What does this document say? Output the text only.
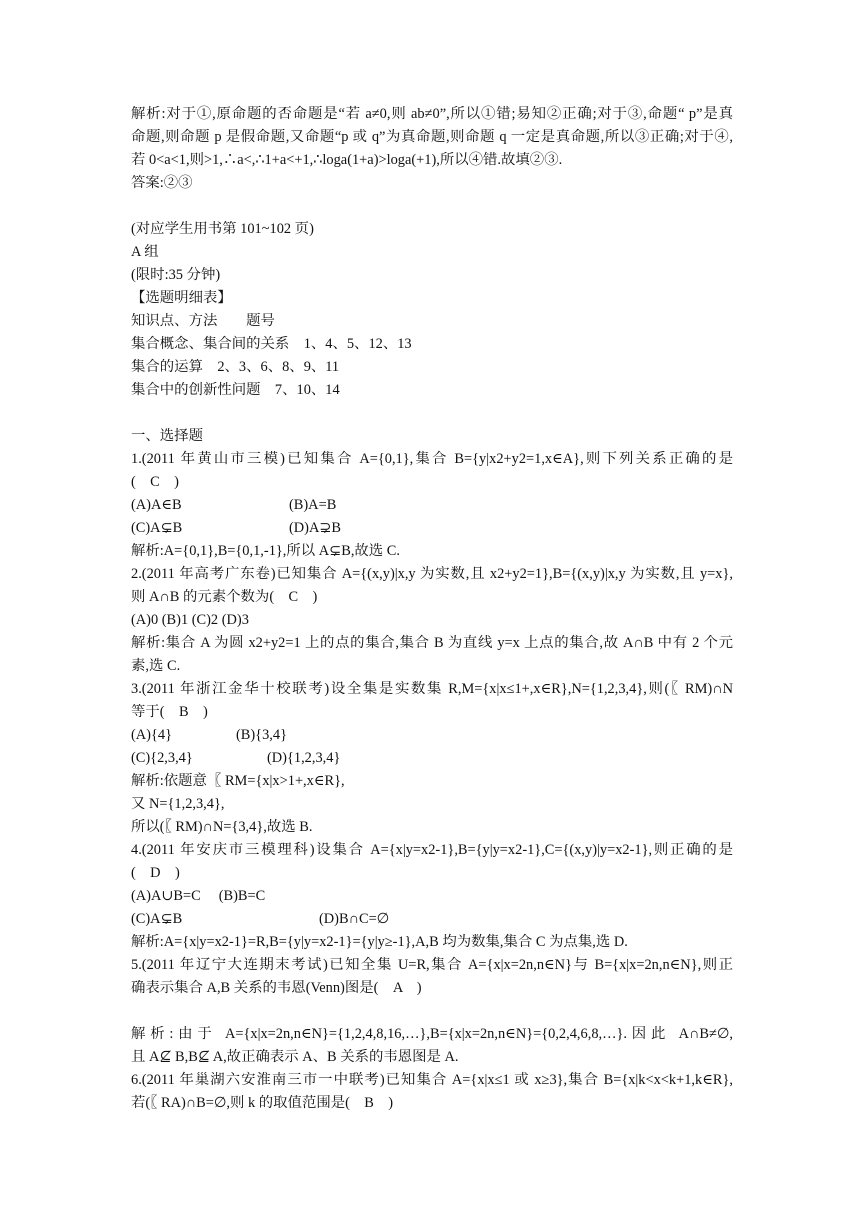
解析:对于①,原命题的否命题是“若 a≠0,则 ab≠0”,所以①错;易知②正确;对于③,命题“ p”是真
命题,则命题 p 是假命题,又命题“p 或 q”为真命题,则命题 q 一定是真命题,所以③正确;对于④,
若 0<a<1,则>1,∴a<,∴1+a<+1,∴loga(1+a)>loga(+1),所以④错.故填②③.
答案:②③
(对应学生用书第 101~102 页)
A 组
(限时:35 分钟)
【选题明细表】
知识点、方法        题号
集合概念、集合间的关系    1、4、5、12、13
集合的运算    2、3、6、8、9、11
集合中的创新性问题    7、10、14
一、选择题
1.(2011 年黄山市三模)已知集合 A={0,1},集合 B={y|x2+y2=1,x∈A},则下列关系正确的是
(    C    )
(A)A∈B	(B)A=B
(C)A⊊B	(D)A⊋B
解析:A={0,1},B={0,1,-1},所以 A⊊B,故选 C.
2.(2011 年高考广东卷)已知集合 A={(x,y)|x,y 为实数,且 x2+y2=1},B={(x,y)|x,y 为实数,且 y=x},
则 A∩B 的元素个数为(    C    )
(A)0 (B)1 (C)2 (D)3
解析:集合 A 为圆 x2+y2=1 上的点的集合,集合 B 为直线 y=x 上点的集合,故 A∩B 中有 2 个元
素,选 C.
3.(2011 年浙江金华十校联考)设全集是实数集 R,M={x|x≤1+,x∈R},N={1,2,3,4},则(〖 RM)∩N
等于(    B    )
(A){4}	(B){3,4}
(C){2,3,4}	(D){1,2,3,4}
解析:依题意〖 RM={x|x>1+,x∈R},
又 N={1,2,3,4},
所以(〖 RM)∩N={3,4},故选 B.
4.(2011 年安庆市三模理科)设集合 A={x|y=x2-1},B={y|y=x2-1},C={(x,y)|y=x2-1},则正确的是
(    D    )
(A)A∪B=C     (B)B=C
(C)A⊊B	(D)B∩C=∅
解析:A={x|y=x2-1}=R,B={y|y=x2-1}={y|y≥-1},A,B 均为数集,集合 C 为点集,选 D.
5.(2011 年辽宁大连期末考试)已知全集 U=R,集合 A={x|x=2n,n∈N}与 B={x|x=2n,n∈N},则正
确表示集合 A,B 关系的韦恩(Venn)图是(    A    )
解析:由于 A={x|x=2n,n∈N}={1,2,4,8,16,…},B={x|x=2n,n∈N}={0,2,4,6,8,…}.因此 A∩B≠∅,
且 A⊈ B,B⊈ A,故正确表示 A、B 关系的韦恩图是 A.
6.(2011 年巢湖六安淮南三市一中联考)已知集合 A={x|x≤1 或 x≥3},集合 B={x|k<x<k+1,k∈R},
若(〖 RA)∩B=∅,则 k 的取值范围是(    B    )
